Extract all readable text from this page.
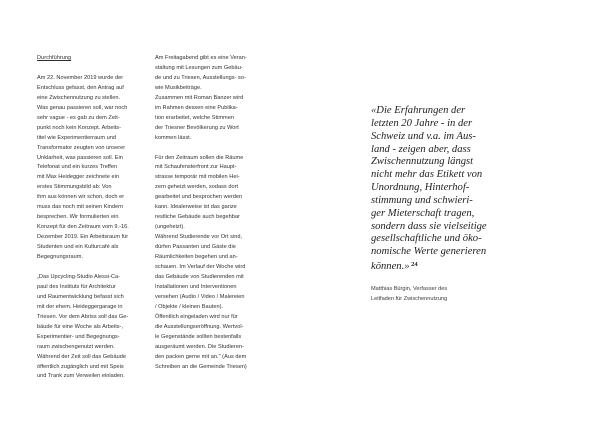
Durchführung
Am 22. November 2019 wurde der
Entschluss gefasst, den Antrag auf
eine Zwischennutzung zu stellen.
Was genau passieren soll, war noch
sehr vague - es gab zu dem Zeit-
punkt noch kein Konzept. Arbeits-
titel wie Experimentierraum und
Transformator zeugten von unserer
Unklarheit, was passieren soll. Ein
Telefonat und ein kurzes Treffen
mit Max Heidegger zeichnete ein
erstes Stimmungsbild ab: Von
ihm aus können wir schon, doch er
muss das noch mit seinen Kindern
besprechen. Wir formulierten ein
Konzept für den Zeitraum vom 9.-16.
Dezember 2019. Ein Arbeitsraum für
Studenten und ein Kulturcafé als
Begegnungsraum.
„Das Upcycling-Studio Alessi-Ca-
paul des Instituts für Architektur
und Raumentwicklung befasst sich
mit der ehem. Heideggergarage in
Triesen. Vor dem Abriss soll das Ge-
bäude für eine Woche als Arbeits-,
Experimentier- und Begegnungs-
raum zwischengenutzt werden.
Während der Zeit soll das Gebäude
öffentlich zugänglich und mit Speis
und Trank zum Verweilen einladen.
Am Freitagabend gibt es eine Veran-
staltung mit Lesungen zum Gebäu-
de und zu Triesen, Ausstellungs- so-
wie Musikbeiträge.
Zusammen mit Roman Banzer wird
im Rahmen dessen eine Publika-
tion erarbeitet, welche Stimmen
der Triesner Bevölkerung zu Wort
kommen lässt.
Für den Zeitraum sollen die Räume
mit Schaufensterfront zur Haupt-
strasse temporär mit mobilen Hei-
zern geheizt werden, sodass dort
gearbeitet und besprochen werden
kann. Idealerweise ist das ganze
restliche Gebäude auch begehbar
(ungeheizt).
Während Studierende vor Ort sind,
dürfen Passanten und Gäste die
Räumlichkeiten begehen und an-
schauen. Im Verlauf der Woche wird
das Gebäude von Studierenden mit
Installationen und Interventionen
versehen (Audio / Video / Malereien
/ Objekte / kleinen Bauten).
Öffentlich eingeladen wird nur für
die Ausstellungseröffnung. Wertvol-
le Gegenstände sollten bestenfalls
ausgeräumt werden. Die Studieren-
den packen gerne mit an." (Aus dem
Schreiben an die Gemeinde Triesen)
«Die Erfahrungen der
letzten 20 Jahre - in der
Schweiz und v.a. im Aus-
land - zeigen aber, dass
Zwischennutzung längst
nicht mehr das Etikett von
Unordnung, Hinterhof-
stimmung und schwieri-
ger Mieterschaft tragen,
sondern dass sie vielseitige
gesellschaftliche und öko-
nomische Werte generieren
können.» $^{24}$
Matthias Bürgin, Verfasser des
Leitfaden für Zwischennutzung
